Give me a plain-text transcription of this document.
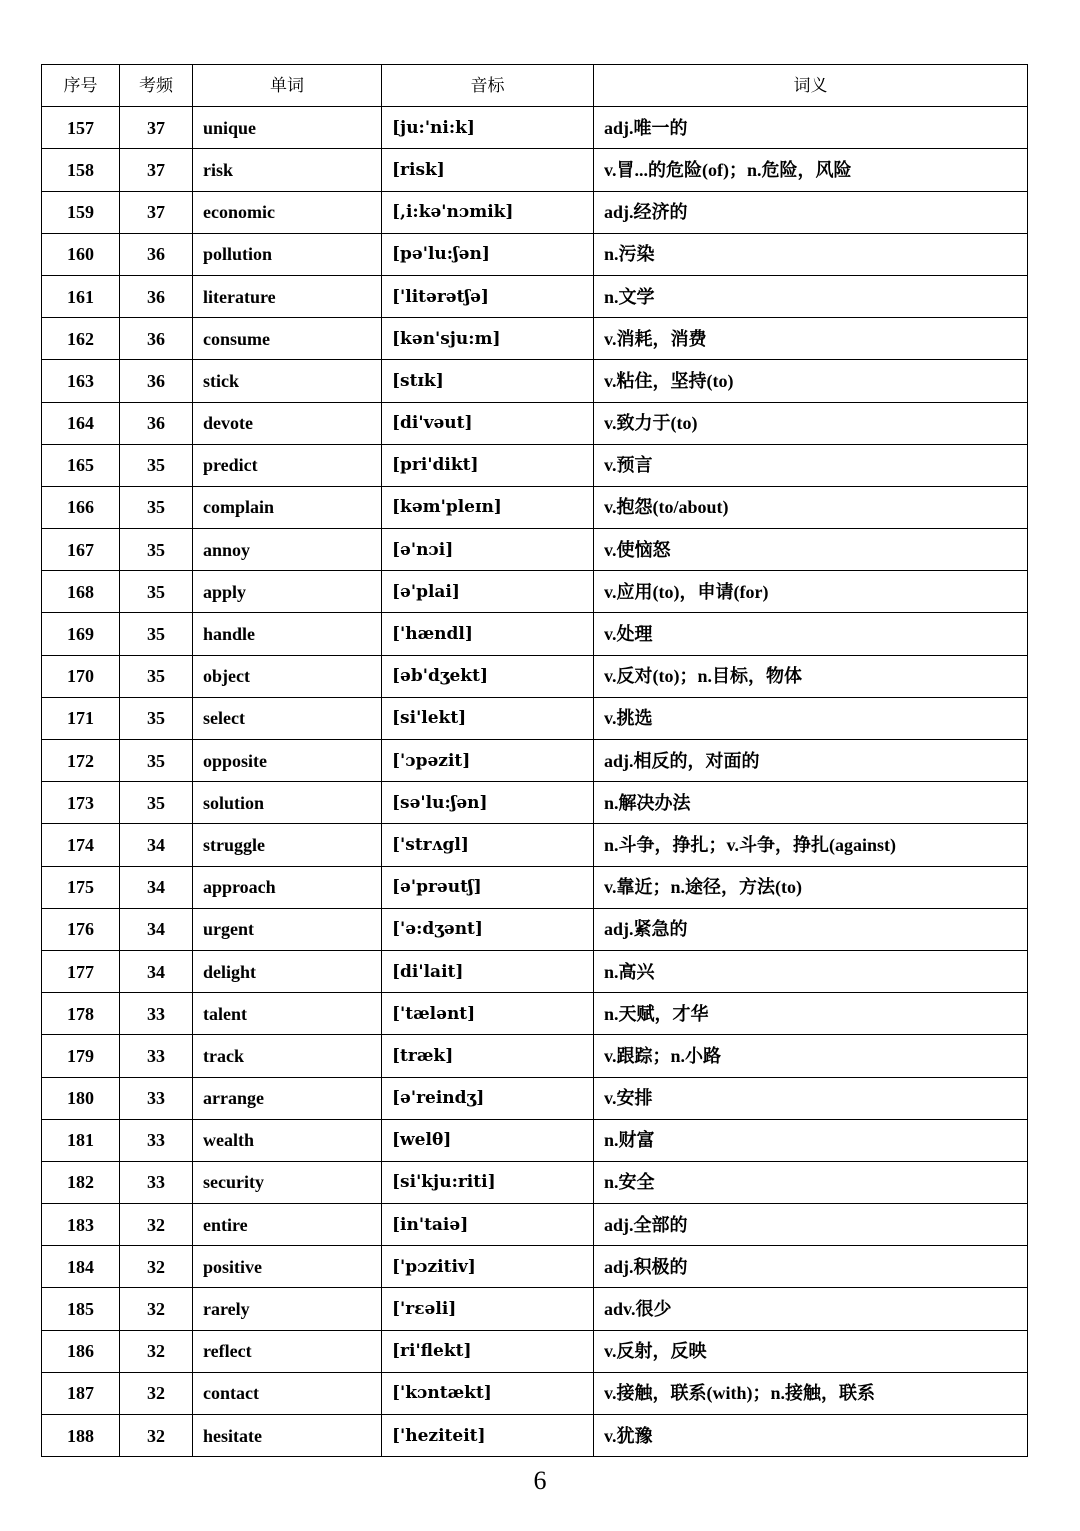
序号	考频	单词	音标	词义
157	37	unique	[ju:'ni:k]	adj.唯一的
158	37	risk	[risk]	v.冒...的危险(of)；n.危险，风险
159	37	economic	[,i:kə'nɔmik]	adj.经济的
160	36	pollution	[pə'lu:ʃən]	n.污染
161	36	literature	['litərətʃə]	n.文学
162	36	consume	[kən'sju:m]	v.消耗，消费
163	36	stick	[stɪk]	v.粘住，坚持(to)
164	36	devote	[di'vəut]	v.致力于(to)
165	35	predict	[pri'dikt]	v.预言
166	35	complain	[kəm'pleɪn]	v.抱怨(to/about)
167	35	annoy	[ə'nɔi]	v.使恼怒
168	35	apply	[ə'plai]	v.应用(to)，申请(for)
169	35	handle	['hændl]	v.处理
170	35	object	[əb'dʒekt]	v.反对(to)；n.目标，物体
171	35	select	[si'lekt]	v.挑选
172	35	opposite	['ɔpəzit]	adj.相反的，对面的
173	35	solution	[sə'lu:ʃən]	n.解决办法
174	34	struggle	['strʌgl]	n.斗争，挣扎；v.斗争，挣扎(against)
175	34	approach	[ə'prəutʃ]	v.靠近；n.途径，方法(to)
176	34	urgent	['ə:dʒənt]	adj.紧急的
177	34	delight	[di'lait]	n.高兴
178	33	talent	['tælənt]	n.天赋，才华
179	33	track	[træk]	v.跟踪；n.小路
180	33	arrange	[ə'reindʒ]	v.安排
181	33	wealth	[welθ]	n.财富
182	33	security	[si'kju:riti]	n.安全
183	32	entire	[in'taiə]	adj.全部的
184	32	positive	['pɔzitiv]	adj.积极的
185	32	rarely	['rɛəli]	adv.很少
186	32	reflect	[ri'flekt]	v.反射，反映
187	32	contact	['kɔntækt]	v.接触，联系(with)；n.接触，联系
188	32	hesitate	['heziteit]	v.犹豫
6
